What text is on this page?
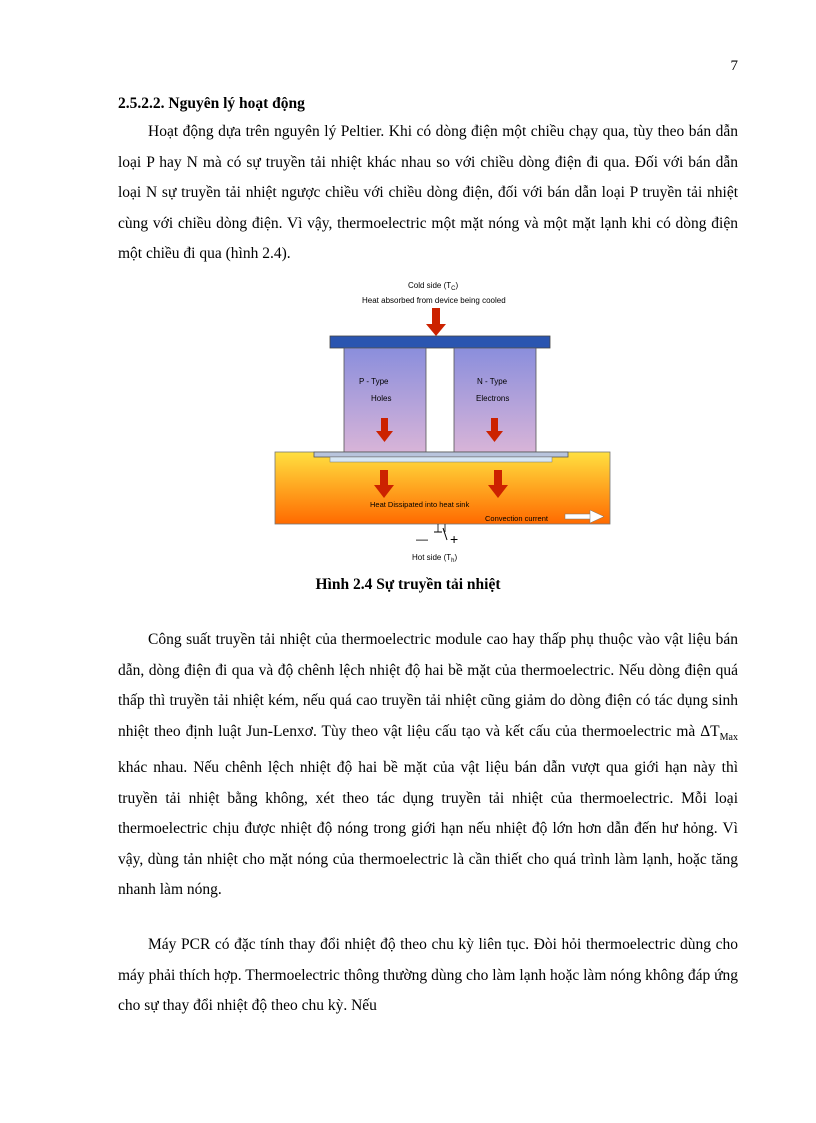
7
2.5.2.2. Nguyên lý hoạt động

Hoạt động dựa trên nguyên lý Peltier. Khi có dòng điện một chiều chạy qua, tùy theo bán dẫn loại P hay N mà có sự truyền tải nhiệt khác nhau so với chiều dòng điện đi qua. Đối với bán dẫn loại N sự truyền tải nhiệt ngược chiều với chiều dòng điện, đối với bán dẫn loại P truyền tải nhiệt cùng với chiều dòng điện. Vì vậy, thermoelectric một mặt nóng và một mặt lạnh khi có dòng điện một chiều đi qua (hình 2.4).

Cold side $(T_C)$
Heat absorbed from device being cooled
P - Type
Holes
N - Type
Electrons
Heat Dissipated into heat sink
Convection current
— +
Hot side $(T_h)$
Hình 2.4 Sự truyền tải nhiệt

Công suất truyền tải nhiệt của thermoelectric module cao hay thấp phụ thuộc vào vật liệu bán dẫn, dòng điện đi qua và độ chênh lệch nhiệt độ hai bề mặt của thermoelectric. Nếu dòng điện quá thấp thì truyền tải nhiệt kém, nếu quá cao truyền tải nhiệt cũng giảm do dòng điện có tác dụng sinh nhiệt theo định luật Jun-Lenxơ. Tùy theo vật liệu cấu tạo và kết cấu của thermoelectric mà $\Delta T_{Max}$ khác nhau. Nếu chênh lệch nhiệt độ hai bề mặt của vật liệu bán dẫn vượt qua giới hạn này thì truyền tải nhiệt bằng không, xét theo tác dụng truyền tải nhiệt của thermoelectric. Mỗi loại thermoelectric chịu được nhiệt độ nóng trong giới hạn nếu nhiệt độ lớn hơn dẫn đến hư hỏng. Vì vậy, dùng tản nhiệt cho mặt nóng của thermoelectric là cần thiết cho quá trình làm lạnh, hoặc tăng nhanh làm nóng.

Máy PCR có đặc tính thay đổi nhiệt độ theo chu kỳ liên tục. Đòi hỏi thermoelectric dùng cho máy phải thích hợp. Thermoelectric thông thường dùng cho làm lạnh hoặc làm nóng không đáp ứng cho sự thay đổi nhiệt độ theo chu kỳ. Nếu
